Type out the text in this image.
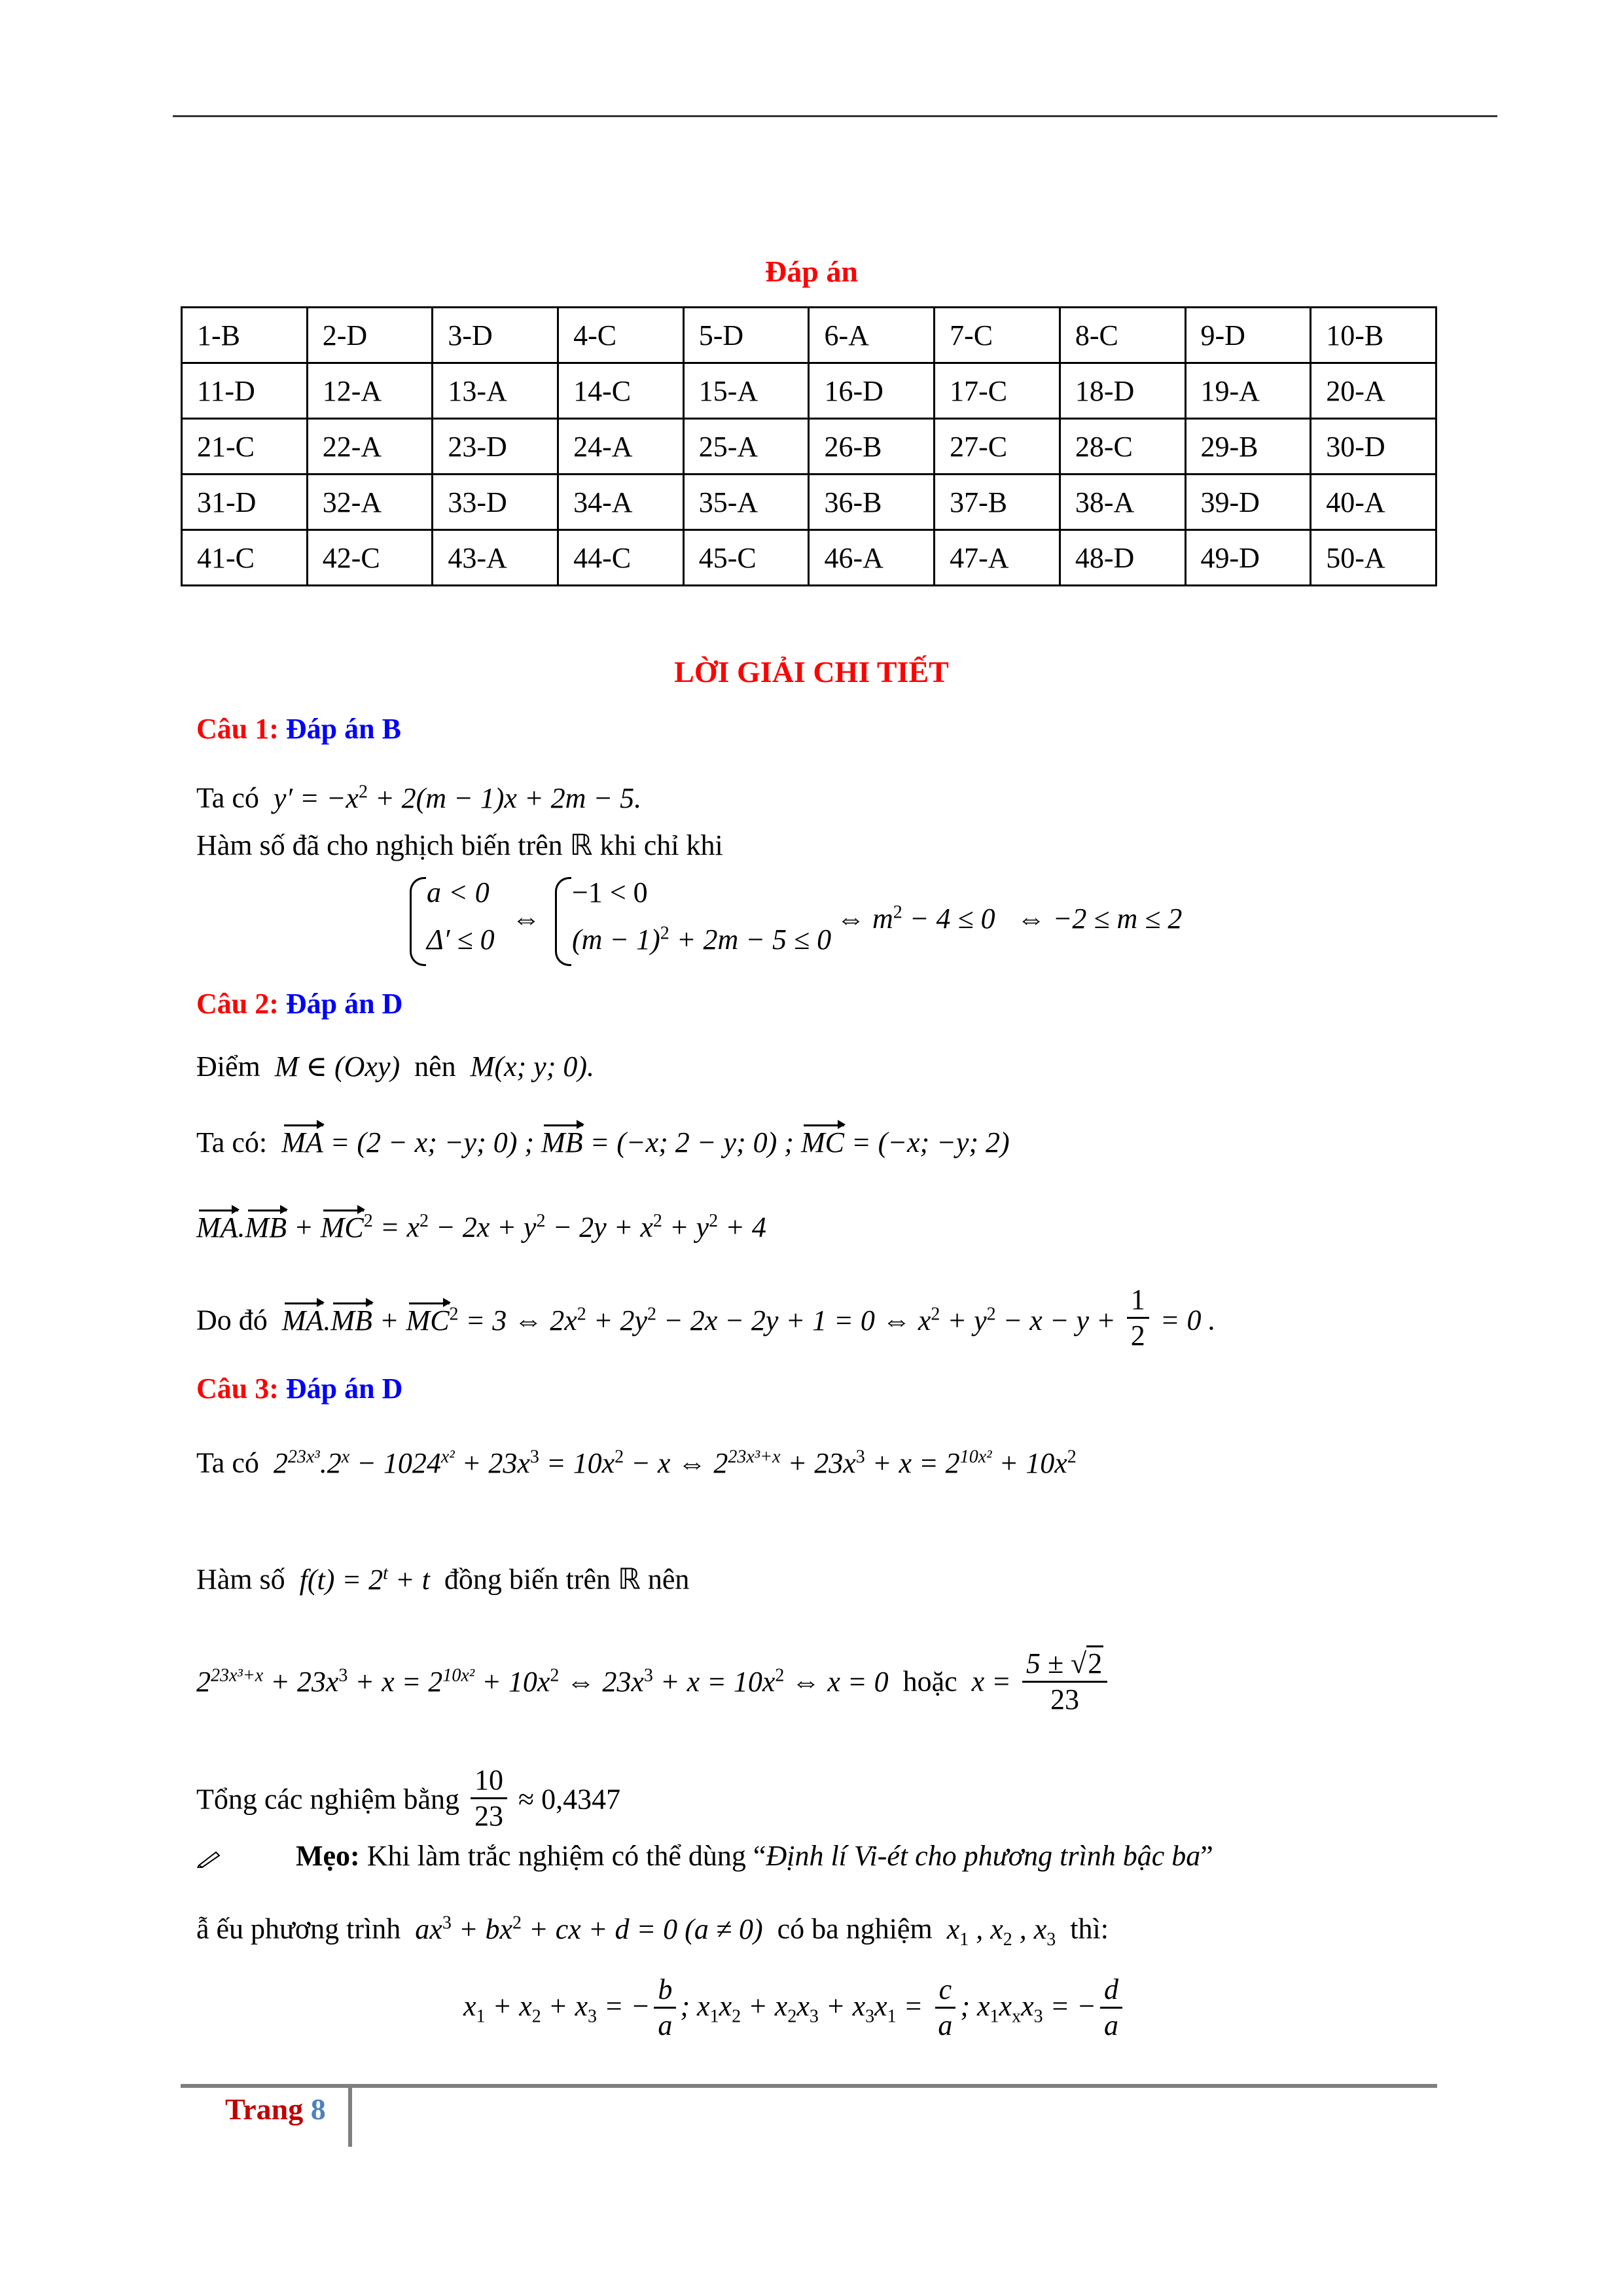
Đáp án
1-B	2-D	3-D	4-C	5-D	6-A	7-C	8-C	9-D	10-B
11-D	12-A	13-A	14-C	15-A	16-D	17-C	18-D	19-A	20-A
21-C	22-A	23-D	24-A	25-A	26-B	27-C	28-C	29-B	30-D
31-D	32-A	33-D	34-A	35-A	36-B	37-B	38-A	39-D	40-A
41-C	42-C	43-A	44-C	45-C	46-A	47-A	48-D	49-D	50-A
LỜI GIẢI CHI TIẾT
Câu 1: Đáp án B
Ta có  $y' = -x^2 + 2(m - 1)x + 2m - 5$.
Hàm số đã cho nghịch biến trên ℝ khi chỉ khi
a < 0
Δ′ ≤ 0
⇔
−1 < 0
$(m - 1)^2 + 2m - 5 \le 0$
⇔ $m^2 - 4 \le 0$   ⇔ −2 ≤ m ≤ 2
Câu 2: Đáp án D
Điểm  M ∈ (Oxy)  nên  M(x; y; 0).
Ta có: MA = (2 − x; −y; 0) ; MB = (−x; 2 − y; 0) ; MC = (−x; −y; 2)
$MA.MB + MC^2 = x^2 - 2x + y^2 - 2y + x^2 + y^2 + 4$
Do đó $MA.MB + MC^2 = 3$ ⇔ $2x^2 + 2y^2 - 2x - 2y + 1 = 0$ ⇔ $x^2 + y^2 - x - y + \frac{1}{2} = 0$ .
Câu 3: Đáp án D
Ta có  $2^{23x^3}.2^x - 1024^{x^2} + 23x^3 = 10x^2 - x$ ⇔ $2^{23x^3+x} + 23x^3 + x = 2^{10x^2} + 10x^2$
Hàm số  $f(t) = 2^t + t$  đồng biến trên ℝ nên
$2^{23x^3+x} + 23x^3 + x = 2^{10x^2} + 10x^2$ ⇔ $23x^3 + x = 10x^2$ ⇔ x = 0  hoặc  $x = \frac{5 \pm √2}{23}$
Tổng các nghiệm bằng $\frac{10}{23} \approx 0,4347$
Mẹo: Khi làm trắc nghiệm có thể dùng “Định lí Vi-ét cho phương trình bậc ba”
ẫ ếu phương trình  $ax^3 + bx^2$ + cx + d = 0 (a ≠ 0)  có ba nghiệm  $x_1$ , $x_2$ , $x_3$ thì:
$x_1 + x_2 + x_3$ = − $\frac{b}{a}$ ; $x_1x_2 + x_2x_3 + x_3x_1 = \frac{c}{a}$ ; $x_1x_xx_3$ = − $\frac{d}{a}$
Trang 8
